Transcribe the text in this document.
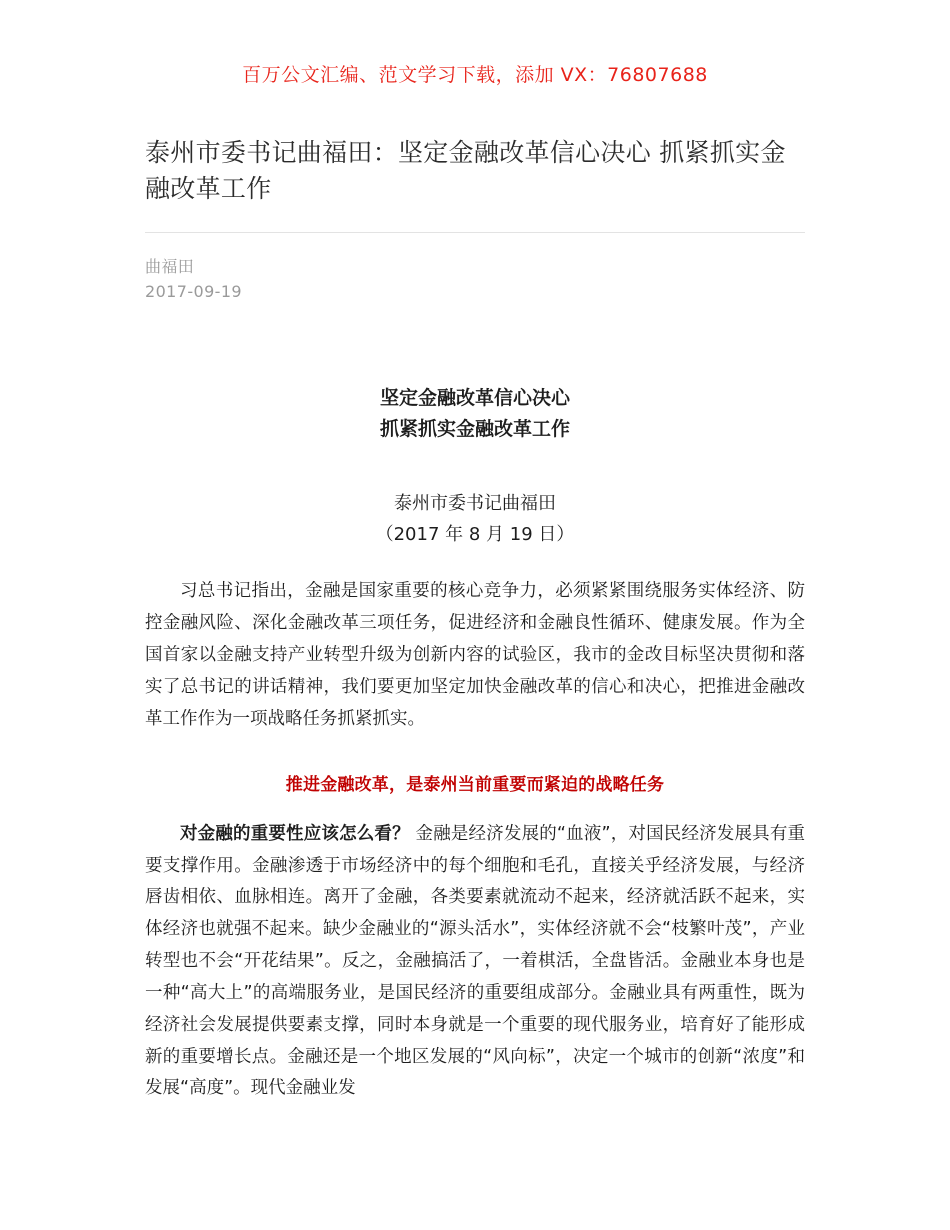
百万公文汇编、范文学习下载，添加 VX：76807688
泰州市委书记曲福田：坚定金融改革信心决心 抓紧抓实金融改革工作
曲福田
2017-09-19
坚定金融改革信心决心
抓紧抓实金融改革工作
泰州市委书记曲福田
（2017 年 8 月 19 日）

习总书记指出，金融是国家重要的核心竞争力，必须紧紧围绕服务实体经济、防控金融风险、深化金融改革三项任务，促进经济和金融良性循环、健康发展。作为全国首家以金融支持产业转型升级为创新内容的试验区，我市的金改目标坚决贯彻和落实了总书记的讲话精神，我们要更加坚定加快金融改革的信心和决心，把推进金融改革工作作为一项战略任务抓紧抓实。

推进金融改革，是泰州当前重要而紧迫的战略任务

对金融的重要性应该怎么看？ 金融是经济发展的“血液”，对国民经济发展具有重要支撑作用。金融渗透于市场经济中的每个细胞和毛孔，直接关乎经济发展，与经济唇齿相依、血脉相连。离开了金融，各类要素就流动不起来，经济就活跃不起来，实体经济也就强不起来。缺少金融业的“源头活水”，实体经济就不会“枝繁叶茂”，产业转型也不会“开花结果”。反之，金融搞活了，一着棋活，全盘皆活。金融业本身也是一种“高大上”的高端服务业，是国民经济的重要组成部分。金融业具有两重性，既为经济社会发展提供要素支撑，同时本身就是一个重要的现代服务业，培育好了能形成新的重要增长点。金融还是一个地区发展的“风向标”，决定一个城市的创新“浓度”和发展“高度”。现代金融业发
